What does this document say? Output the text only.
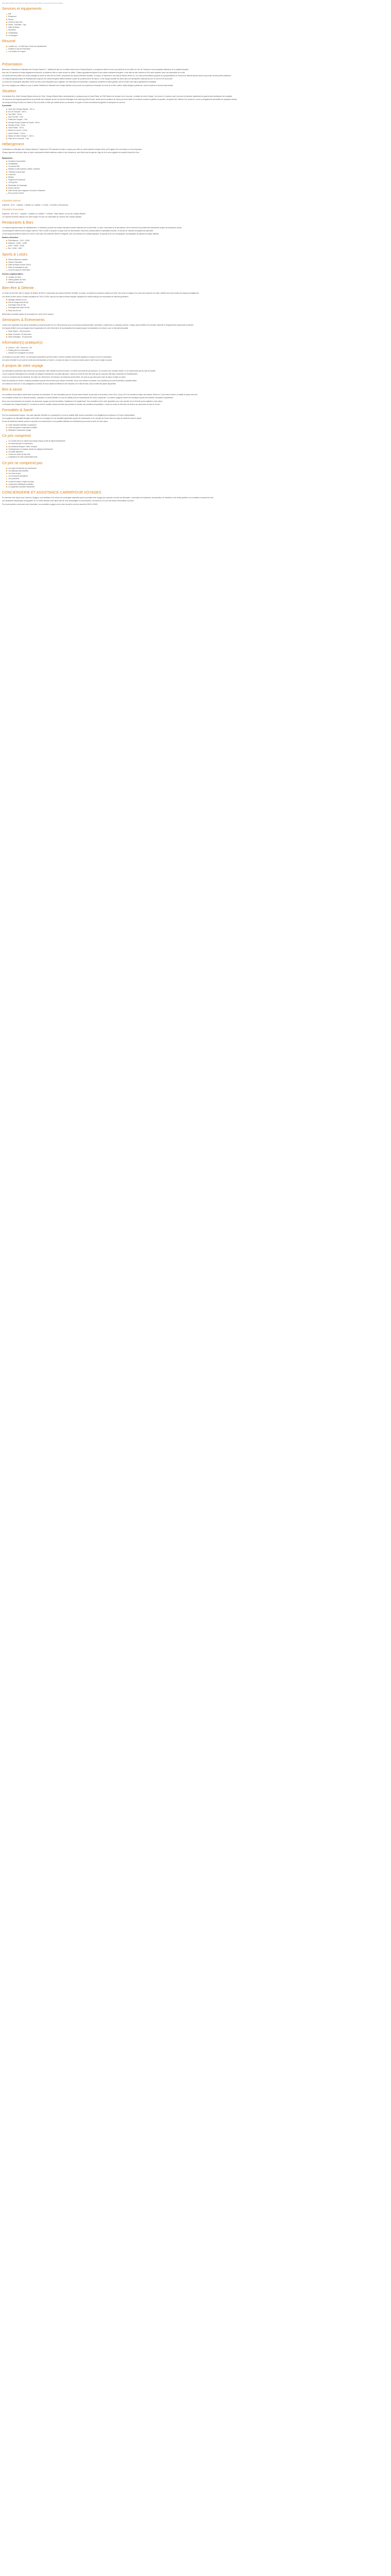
Description Écrire compromis Conseils Voir brochure Écrire compromisConseil Contacter
Services et équipements
Wifi
Restaurant
Piscine
Centre de bien-être
Sauna - Hammam - Spa
Salle de fitness
Ascenseur
Climatisation
Conciergerie
Résumé
Location de ~ m² hôtel Spa • Accès aux apartements
Situation 5 Spa de Paris 8ème
Lux location au compris
Présentation

Bienvenue à Résidence le Mandarin des Champs Elysées 5 *. Idéalement situé sur la célèbre Avenue des Champs-Élysées, le somptueux hôtel se trouve à proximité de la tour Eiffel, de l'Arc de Triomphe et des principales attractions de la capitale française.

Avec ses 24 chambres et suites élégamment décorées, la résidence offre un cadre luxueux et raffiné. Chaque appartement dispose d'une cuisine entièrement équipée, d'une salle de bain moderne et d'un salon spacieux avec vue imprenable sur la ville.

Les clients peuvent profiter d'un accès privilégié au centre de bien-être de l'hôtel, comprenant une piscine intérieure chauffée, un sauna, un hammam et une salle de fitness dernier cri. Les soins personnalisés proposés au spa garantissent un moment de détente absolue après une journée de découverte parisienne.

Le restaurant gastronomique de l'établissement propose une cuisine française raffinée élaborée à partir de produits frais et de saison. Le bar lounge accueille les hôtes dans une atmosphère chaleureuse pour un verre en fin de journée.

Le service de conciergerie disponible 24h/24 se tient à votre disposition pour organiser vos réservations de spectacles, restaurants, transferts et visites guidées, afin de rendre votre séjour parfaitement inoubliable.

Que vous voyagiez pour affaires ou pour le plaisir, Résidence le Mandarin des Champs Elysées vous promet une expérience d'exception au cœur de la Ville Lumière, alliant élégance parisienne, confort moderne et service irréprochable.

Situation

À la situation Rue: Hôtel Champs-Élysées Avenue de Paris, Champs-Élysées 8ème arrondissement, à quelques pas du Grand Palais, du Petit Palais et de la place de la Concorde. La station de métro George V se trouve à 2 minutes à pied et permet de rejoindre rapidement les grands sites touristiques de la capitale.

Les amoureux de shopping apprécieront la proximité des boutiques de luxe de l'avenue Montaigne et du faubourg Saint-Honoré, tandis que les amateurs de culture pourront visiter les nombreux musées et galeries du quartier. Les jardins des Tuileries et le musée du Louvre sont également accessibles en quelques minutes.

Les aéroports Roissy-Charles de Gaulle et Orly sont reliés à l'hôtel par navette privée sur demande, et la gare du Nord est facilement joignable en transports en commun.

À proximité :

Carré des Champs-Élysées : 100 m
Arc de Triomphe : 400 m
Tour Eiffel : 1,8 km
Gare du Nord : 4 km
Palais des Congrès : 2 km
Aéroport Roissy-Charles de Gaulle : 28 km
Aéroport d'Orly : 19 km
Grand Palais : 700 m
Musée du Louvre : 2,5 km
Opéra Garnier : 1,8 km
Station de métro George V : 150 m
Place de la Concorde : 1 km
Hébergement

La Résidence le Mandarin des Champs Elysées 5 * dispose de 125 chambres et suites, conçues pour offrir un confort optimal à chaque client, qu'il s'agisse d'un court séjour ou d'un long séjour.

Chaque logement est décoré dans un style contemporain mêlant matériaux nobles et tons chaleureux, avec literie haut de gamme, linge de lit en coton égyptien et produits d'accueil de luxe.

Équipements :

Chambres insonorisées
Climatisation
Connexion Wifi
Machine à café espresso, théière, bouilloire
Télévision à écran plat
Coffre-fort
Minibar
Peignoirs et chaussons
Lit King Size
Nécessaire de repassage
Sèche-cheveux
Salle de bain avec baignoire et douche à l'italienne
Room service 24h/24
Chambre Deluxe

Superficie : 25 m² · Capacité : 2 adultes ou 2 adultes + 1 enfant · Lit double ou lits jumeaux

Chambre Executive

Superficie : 35 à 40 m² · Capacité : 3 adultes ou 2 adultes + 2 enfants · Salon séparé, vue sur les Champs-Élysées

La Chambre Executive dispose d'un salon séparé et d'une vue imprenable sur l'avenue des Champs-Élysées.

Restaurants & Bars

Le restaurant gastronomique de l'établissement, Le Mandarin, propose une cuisine française inventive élaborée par un chef étoilé. La carte, renouvelée au fil des saisons, met à l'honneur les produits frais sélectionnés auprès de producteurs locaux.

Le petit-déjeuner buffet est servi chaque matin de 7h00 à 10h30 et propose un large choix de viennoiseries, fruits frais, produits laitiers et spécialités chaudes. Un service en chambre est également disponible.

Le bar lounge accueille les clients de 11h00 à 1h00 dans une ambiance feutrée et élégante, avec une sélection de cocktails signature, de grands crus et de champagnes, accompagnés de planches de tapas raffinées.

Horaires d'ouverture :

Petit-déjeuner : 7h00 - 10h30
Déjeuner : 12h00 - 14h30
Dîner : 19h00 - 22h30
Bar : 11h00 - 1h00
Sports & Loisirs
Piscine intérieure chauffée
Sauna et hammam
Salle de fitness ouverte 24h/24
Soins et massages au spa
Cours de yoga sur réservation

Services complémentaires :

Location de vélos
Visites guidées de Paris
Billetterie spectacles
Bien-être & Détente

Le centre de bien-être offre un espace de détente de 600 m² comprenant une piscine intérieure chauffée, un sauna, un hammam et plusieurs cabines de soins. Des soins du visage et du corps sont proposés à la carte, réalisés avec des produits de marques prestigieuses.

Les clients ont libre accès à l'espace aquatique de 7h00 à 22h00, ainsi qu'à la salle de fitness équipée d'appareils de cardio-training et de musculation de dernière génération.

Massage relaxant 60 min
Soin du visage éclat 45 min
Gommage corps 30 min
Enveloppement détox 45 min
Rituel duo 90 min

Réservation conseillée auprès de la réception au moins 24h à l'avance.

Séminaires & Événements

L'hôtel met à disposition trois salons modulables pouvant accueillir de 10 à 150 personnes pour vos réunions professionnelles, séminaires, conférences ou réceptions privées. Chaque salon bénéficie de la lumière naturelle et d'équipements audiovisuels modernes.

Une équipe dédiée vous accompagne dans l'organisation de votre événement, de la préparation des espaces jusqu'à la restauration sur mesure, pour un déroulement parfait.

Salon Élysée : 150 personnes
Salon Concorde : 60 personnes
Salon Montaigne : 20 personnes
Information(s) pratique(s)
Check-in : 15h · Check-out : 12h
Parking privé sur réservation
Animaux de compagnie non admis

La réception est ouverte 24h/24. Les demandes particulières (arrivée tardive, lit bébé, transfert) doivent être signalées à l'avance lors de la réservation.

Une pièce d'identité et une carte de crédit seront demandées à l'arrivée. Les taxes de séjour ne sont pas incluses dans le tarif et sont à régler sur place.

À propos de votre voyage

Les informations présentées dans cette fiche sont données à titre indicatif et peuvent évoluer. Les tarifs sont exprimés par personne, sur la base d'une chambre double, et ne comprennent pas les frais de dossier.

Le prix comprend l'hébergement en chambre de catégorie sélectionnée, les petits-déjeuners, l'accès au centre de bien-être ainsi que la connexion Wifi dans l'ensemble de l'établissement.

Le prix ne comprend pas les transferts, les repas non mentionnés, les boissons, les dépenses personnelles, les soins au spa ainsi que la taxe de séjour à régler sur place.

Selon les périodes de l'année, certaines prestations peuvent être fermées pour travaux d'entretien. Nous vous invitons à contacter nos conseillers pour toute information complémentaire.

Les enfants de moins de 12 ans partageant la chambre de deux adultes bénéficient d'une réduction sur le tarif de base, dans la limite des places disponibles.

Bon à savoir

Les conditions d'annulation varient selon la période de réservation. En cas d'annulation plus de 30 jours avant l'arrivée, aucun frais ne sera retenu. Entre 30 et 7 jours, 50 % du montant du séjour sera facturé. Moins de 7 jours avant l'arrivée, la totalité du séjour sera due.

Les formalités d'entrée sur le territoire français : passeport ou carte d'identité en cours de validité pour les ressortissants de l'Union européenne. Les autres voyageurs doivent se renseigner auprès des autorités consulaires compétentes.

Nous vous recommandons de souscrire une assurance voyage couvrant l'annulation, l'assistance et le rapatriement. Nos conseillers sont à votre disposition pour vous orienter vers la formule la plus adaptée à votre séjour.

Le Mandarin des Champs Elysées 5 * se réserve le droit de modifier certains services sans préavis en fonction des conditions d'exploitation. L'accès au centre de bien-être est réservé aux personnes de plus de 16 ans.

Formalités & Santé

Pour les ressortissants français : une carte nationale d'identité ou un passeport en cours de validité suffit. Aucune vaccination n'est obligatoire pour séjourner en France métropolitaine.

Les voyageurs de nationalité étrangère sont invités à se renseigner sur les formalités applicables auprès de l'ambassade ou du consulat de France dans leur pays de résidence avant le départ.

En cas de traitement médical, pensez à emporter vos ordonnances et une quantité suffisante de médicaments pour toute la durée de votre séjour.

Carte nationale d'identité ou passeport
Carte européenne d'assurance maladie
Attestation d'assurance voyage
Ce prix comprend
Le vol aller-retour en classe économique depuis la ville de départ sélectionnée
Les taxes aéroport et redevances
Les transferts aéroport / hôtel / aéroport
L'hébergement en chambre double de catégorie sélectionnée
Les petits-déjeuners
L'accès au centre de bien-être
L'assistance de notre représentant local
Ce prix ne comprend pas
Les repas et boissons non mentionnés
Les dépenses personnelles
Les soins au spa
Les excursions facultatives
Les pourboires
La taxe de séjour à régler sur place
L'assurance multirisque annulation
Le supplément chambre individuelle
CONCIERGERIE ET ASSISTANCE CARREFOUR VOYAGES

En réservant votre séjour avec Carrefour Voyages, vous bénéficiez d'un service de conciergerie disponible avant et pendant votre voyage pour répondre à toutes vos demandes : réservation de restaurants, de spectacles, de transferts ou de visites guidées, nos conseillers s'occupent de tout.

Une assistance téléphonique est joignable 7j/7 et 24h/24 pendant votre séjour afin de vous accompagner en cas d'imprévu, de retard de vol ou de tout besoin d'information sur place.

Pour toute question concernant votre réservation, nos conseillers voyages sont à votre écoute du lundi au samedi de 9h00 à 20h00.
